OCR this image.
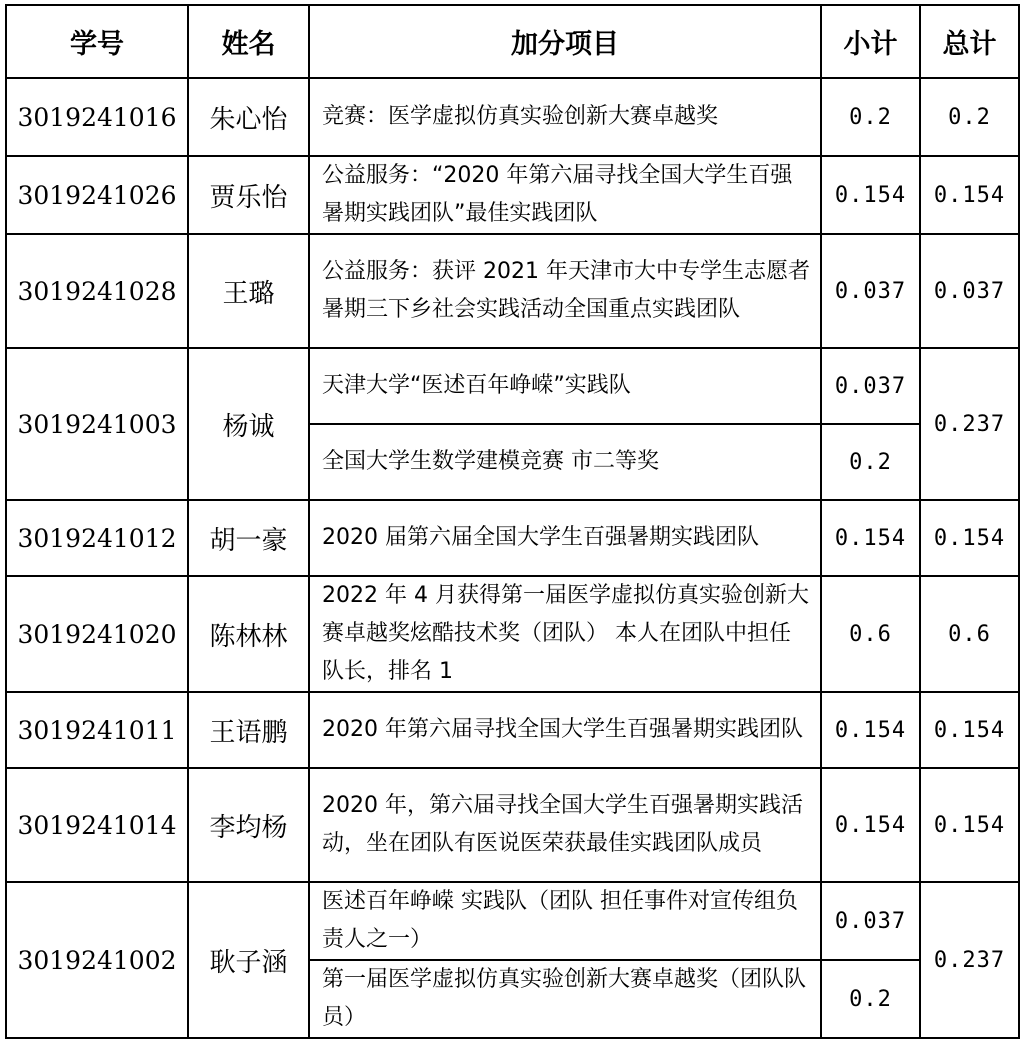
学号	姓名	加分项目	小计	总计
3019241016	朱心怡	竞赛：医学虚拟仿真实验创新大赛卓越奖	0.2	0.2
3019241026	贾乐怡	公益服务：“2020 年第六届寻找全国大学生百强暑期实践团队”最佳实践团队	0.154	0.154
3019241028	王璐	公益服务：获评 2021 年天津市大中专学生志愿者暑期三下乡社会实践活动全国重点实践团队	0.037	0.037
3019241003	杨诚	天津大学“医述百年峥嵘”实践队	0.037	0.237
		全国大学生数学建模竞赛 市二等奖	0.2	
3019241012	胡一豪	2020 届第六届全国大学生百强暑期实践团队	0.154	0.154
3019241020	陈林林	2022 年 4 月获得第一届医学虚拟仿真实验创新大赛卓越奖炫酷技术奖（团队） 本人在团队中担任队长，排名 1	0.6	0.6
3019241011	王语鹏	2020 年第六届寻找全国大学生百强暑期实践团队	0.154	0.154
3019241014	李均杨	2020 年，第六届寻找全国大学生百强暑期实践活动，坐在团队有医说医荣获最佳实践团队成员	0.154	0.154
3019241002	耿子涵	医述百年峥嵘 实践队（团队 担任事件对宣传组负责人之一）	0.037	0.237
		第一届医学虚拟仿真实验创新大赛卓越奖（团队队员）	0.2	
